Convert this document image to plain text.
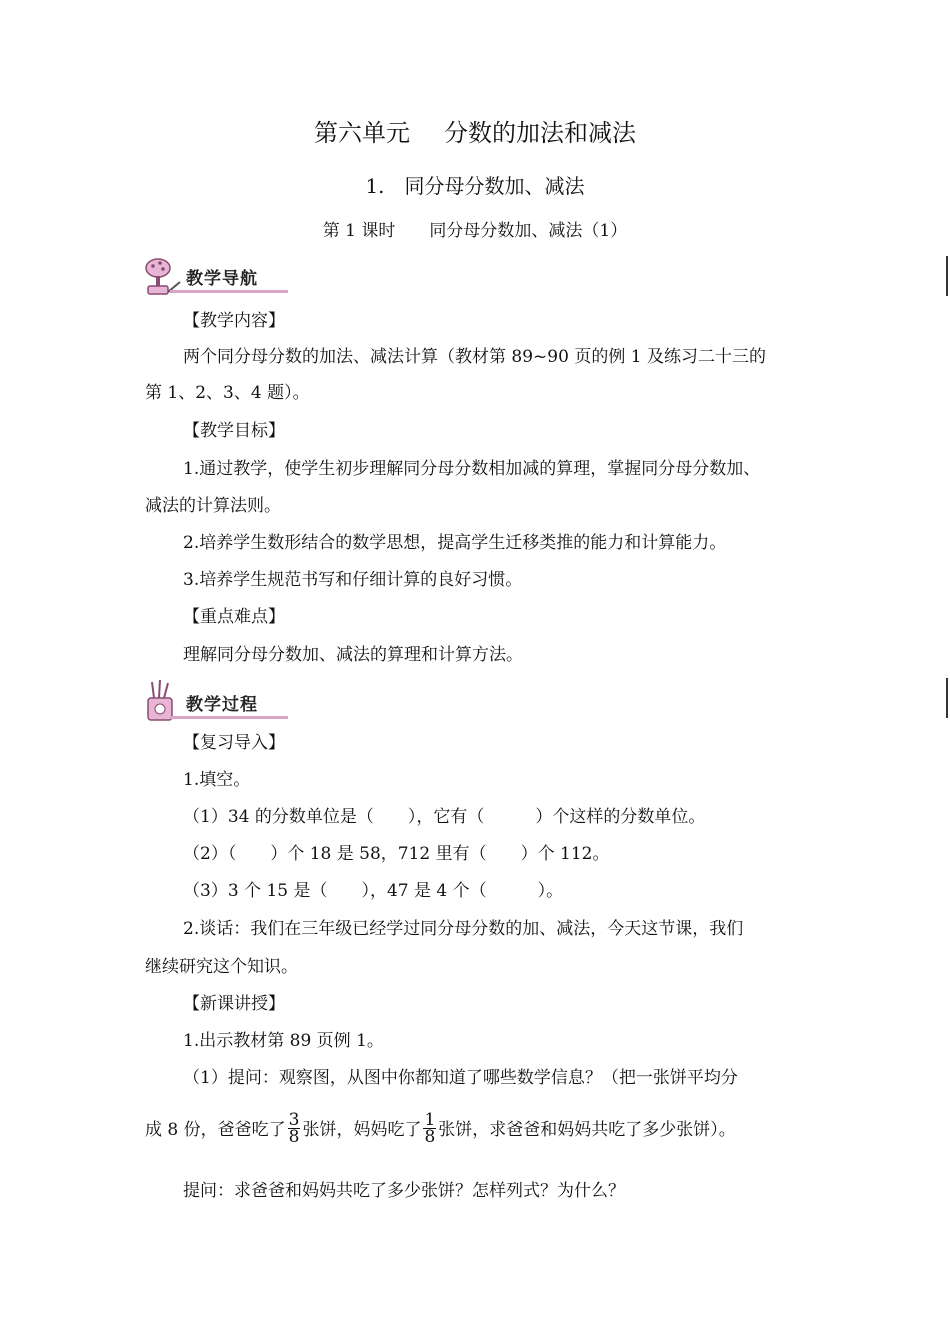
第六单元 分数的加法和减法
1.　同分母分数加、减法
第 1 课时 同分母分数加、减法（1）
教学导航
【教学内容】
两个同分母分数的加法、减法计算（教材第 89~90 页的例 1 及练习二十三的
第 1、2、3、4 题）。
【教学目标】
1.通过教学，使学生初步理解同分母分数相加减的算理，掌握同分母分数加、
减法的计算法则。
2.培养学生数形结合的数学思想，提高学生迁移类推的能力和计算能力。
3.培养学生规范书写和仔细计算的良好习惯。
【重点难点】
理解同分母分数加、减法的算理和计算方法。
教学过程
【复习导入】
1.填空。
（1）34 的分数单位是（　　），它有（　　　）个这样的分数单位。
（2）（　　）个 18 是 58，712 里有（　　）个 112。
（3）3 个 15 是（　　），47 是 4 个（　　　）。
2.谈话：我们在三年级已经学过同分母分数的加、减法，今天这节课，我们
继续研究这个知识。
【新课讲授】
1.出示教材第 89 页例 1。
（1）提问：观察图，从图中你都知道了哪些数学信息？（把一张饼平均分
成 8 份，爸爸吃了 $\frac{3}{8}$ 张饼，妈妈吃了 $\frac{1}{8}$ 张饼，求爸爸和妈妈共吃了多少张饼）。
提问：求爸爸和妈妈共吃了多少张饼？怎样列式？为什么？
